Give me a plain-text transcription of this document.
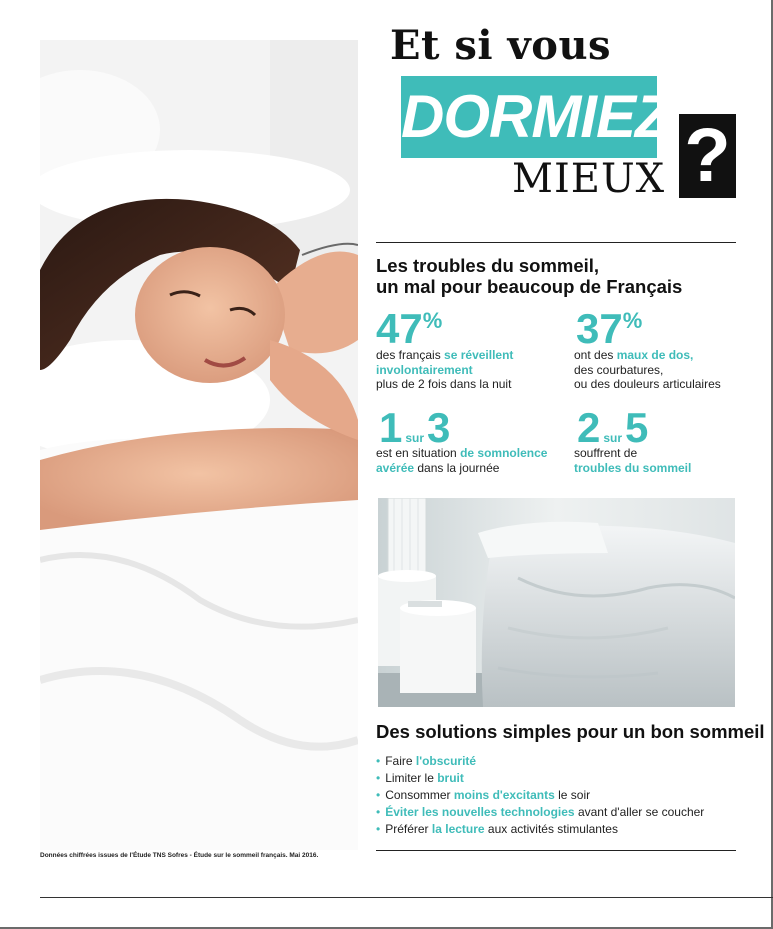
Données chiffrées issues de l'Étude TNS Sofres - Étude sur le sommeil français. Mai 2016.
Et si vous
DORMIEZ
MIEUX ?
Les troubles du sommeil,
un mal pour beaucoup de Français
47%
des français se réveillent
involontairement
plus de 2 fois dans la nuit
37%
ont des maux de dos,
des courbatures,
ou des douleurs articulaires
1 sur3
est en situation de somnolence
avérée dans la journée
2 sur5
souffrent de
troubles du sommeil
Des solutions simples pour un bon sommeil
• Faire l'obscurité
• Limiter le bruit
• Consommer moins d'excitants le soir
• Éviter les nouvelles technologies avant d'aller se coucher
• Préférer la lecture aux activités stimulantes
